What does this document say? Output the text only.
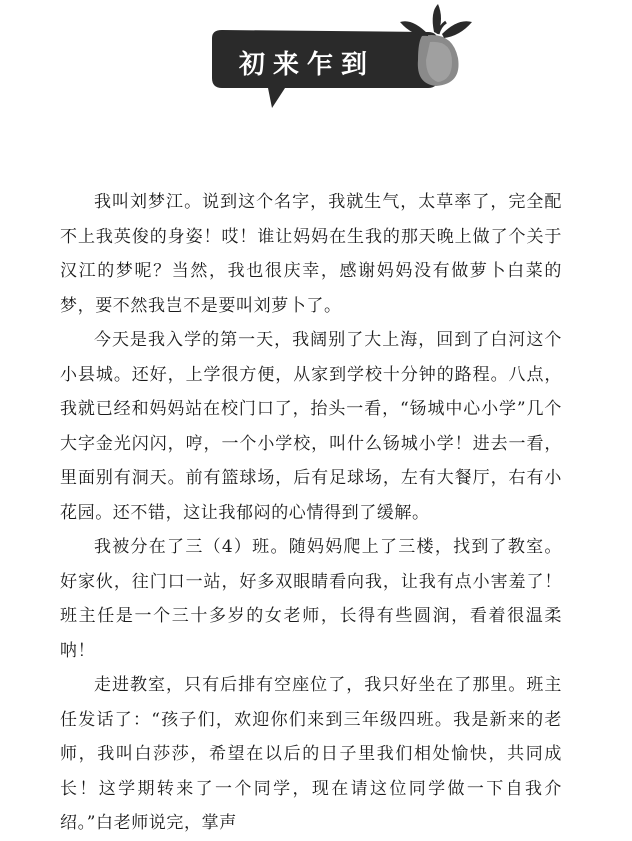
初来乍到

我叫刘梦江。说到这个名字，我就生气，太草率了，完全配不上我英俊的身姿！哎！谁让妈妈在生我的那天晚上做了个关于汉江的梦呢？当然，我也很庆幸，感谢妈妈没有做萝卜白菜的梦，要不然我岂不是要叫刘萝卜了。

今天是我入学的第一天，我阔别了大上海，回到了白河这个小县城。还好，上学很方便，从家到学校十分钟的路程。八点，我就已经和妈妈站在校门口了，抬头一看，“钖城中心小学”几个大字金光闪闪，哼，一个小学校，叫什么钖城小学！进去一看，里面别有洞天。前有篮球场，后有足球场，左有大餐厅，右有小花园。还不错，这让我郁闷的心情得到了缓解。

我被分在了三（4）班。随妈妈爬上了三楼，找到了教室。好家伙，往门口一站，好多双眼睛看向我，让我有点小害羞了！班主任是一个三十多岁的女老师，长得有些圆润，看着很温柔呐！

走进教室，只有后排有空座位了，我只好坐在了那里。班主任发话了：“孩子们，欢迎你们来到三年级四班。我是新来的老师，我叫白莎莎，希望在以后的日子里我们相处愉快，共同成长！这学期转来了一个同学，现在请这位同学做一下自我介绍。”白老师说完，掌声
